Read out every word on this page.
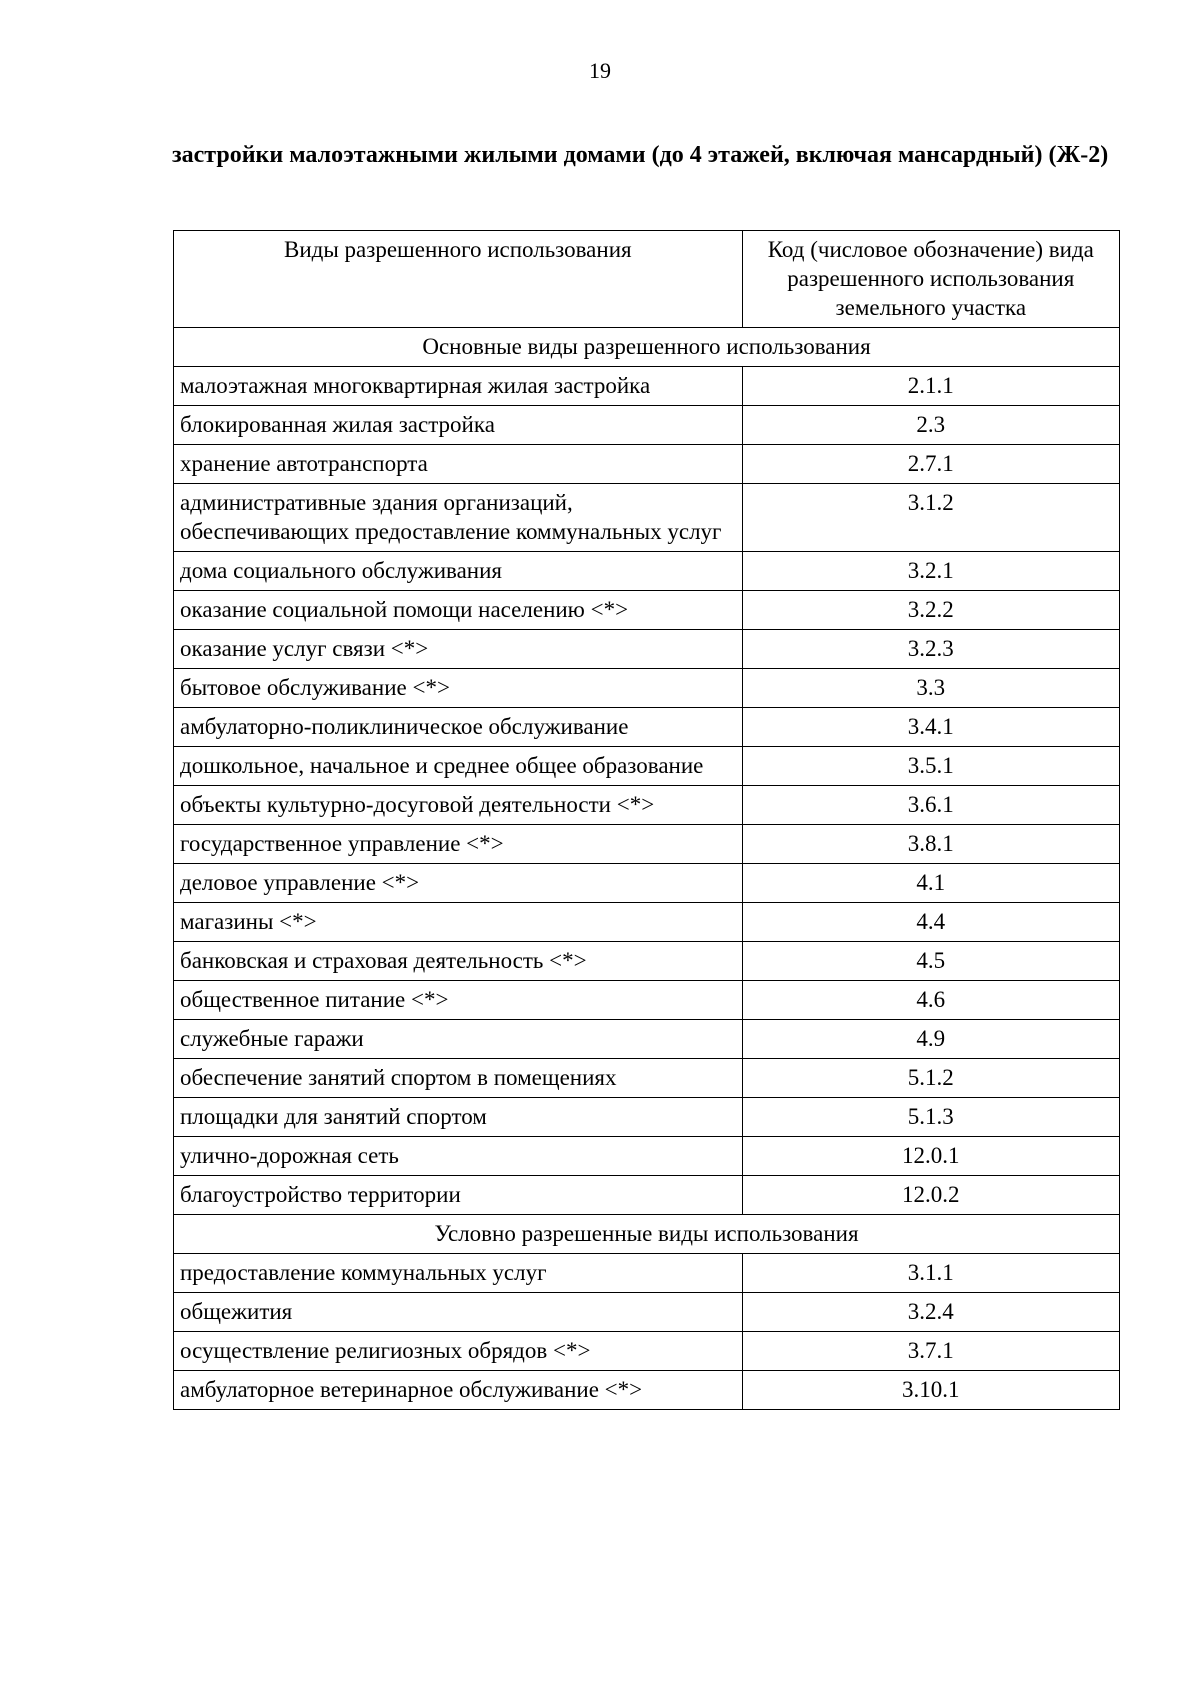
19
застройки малоэтажными жилыми домами (до 4 этажей, включая мансардный) (Ж-2)
Виды разрешенного использования	Код (числовое обозначение) вида разрешенного использования земельного участка
Основные виды разрешенного использования	
малоэтажная многоквартирная жилая застройка	2.1.1
блокированная жилая застройка	2.3
хранение автотранспорта	2.7.1
административные здания организаций, обеспечивающих предоставление коммунальных услуг	3.1.2
дома социального обслуживания	3.2.1
оказание социальной помощи населению <*>	3.2.2
оказание услуг связи <*>	3.2.3
бытовое обслуживание <*>	3.3
амбулаторно-поликлиническое обслуживание	3.4.1
дошкольное, начальное и среднее общее образование	3.5.1
объекты культурно-досуговой деятельности <*>	3.6.1
государственное управление <*>	3.8.1
деловое управление <*>	4.1
магазины <*>	4.4
банковская и страховая деятельность <*>	4.5
общественное питание <*>	4.6
служебные гаражи	4.9
обеспечение занятий спортом в помещениях	5.1.2
площадки для занятий спортом	5.1.3
улично-дорожная сеть	12.0.1
благоустройство территории	12.0.2
Условно разрешенные виды использования	
предоставление коммунальных услуг	3.1.1
общежития	3.2.4
осуществление религиозных обрядов <*>	3.7.1
амбулаторное ветеринарное обслуживание <*>	3.10.1
